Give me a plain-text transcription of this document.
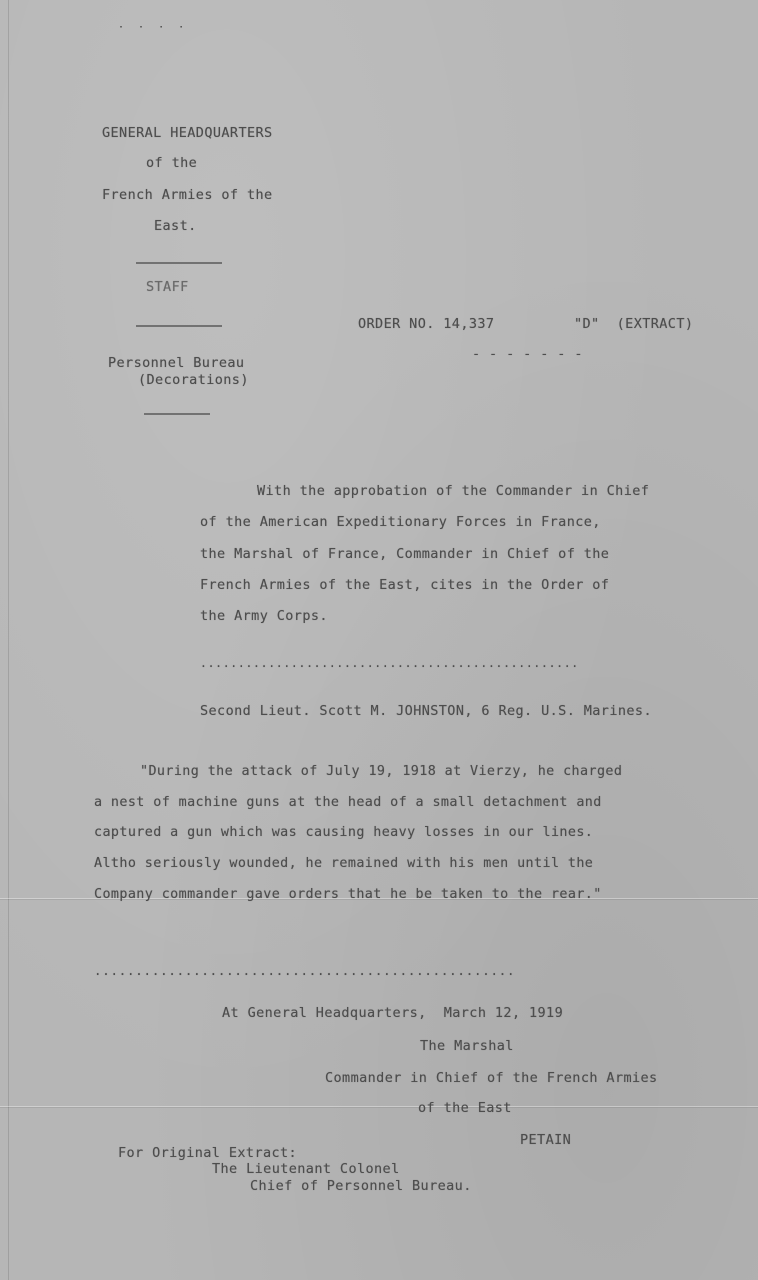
· · · ·
GENERAL HEADQUARTERS
of the
French Armies of the
East.
STAFF
ORDER NO. 14,337	"D"  (EXTRACT)
- - - - - - -
Personnel Bureau
(Decorations)
With the approbation of the Commander in Chief
of the American Expeditionary Forces in France,
the Marshal of France, Commander in Chief of the
French Armies of the East, cites in the Order of
the Army Corps.
..................................................
Second Lieut. Scott M. JOHNSTON, 6 Reg. U.S. Marines.
"During the attack of July 19, 1918 at Vierzy, he charged
a nest of machine guns at the head of a small detachment and
captured a gun which was causing heavy losses in our lines.
Altho seriously wounded, he remained with his men until the
Company commander gave orders that he be taken to the rear."
...................................................
At General Headquarters,  March 12, 1919
The Marshal
Commander in Chief of the French Armies
of the East
PETAIN
For Original Extract:
The Lieutenant Colonel
Chief of Personnel Bureau.
